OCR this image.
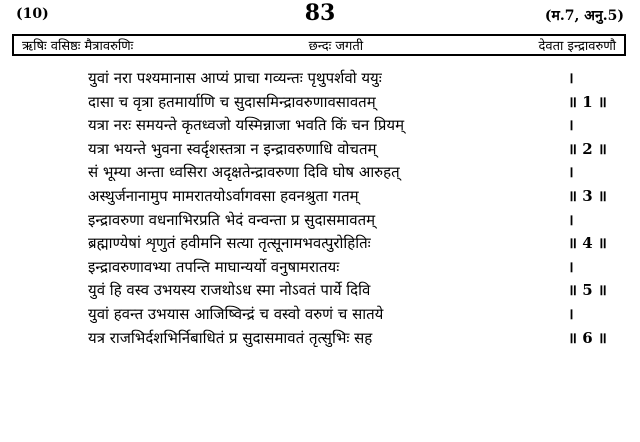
(10)	83	(म.7, अनु.5)
ऋषिः वसिष्ठः मैत्रावरुणिः	छन्दः जगती	देवता इन्द्रावरुणौ
युवां नरा पश्यमानास आप्यं प्राचा गव्यन्तः पृथुपर्शवो ययुः	।
दासा च वृत्रा हतमार्याणि च सुदासमिन्द्रावरुणावसावतम्	॥ 1 ॥
यत्रा नरः समयन्ते कृतध्वजो यस्मिन्नाजा भवति किं चन प्रियम्	।
यत्रा भयन्ते भुवना स्वर्दृशस्तत्रा न इन्द्रावरुणाधि वोचतम्	॥ 2 ॥
सं भूम्या अन्ता ध्वसिरा अदृक्षतेन्द्रावरुणा दिवि घोष आरुहत्	।
अस्थुर्जनानामुप मामरातयोऽर्वागवसा हवनश्रुता गतम्	॥ 3 ॥
इन्द्रावरुणा वधनाभिरप्रति भेदं वन्वन्ता प्र सुदासमावतम्	।
ब्रह्माण्येषां शृणुतं हवीमनि सत्या तृत्सूनामभवत्पुरोहितिः	॥ 4 ॥
इन्द्रावरुणावभ्या तपन्ति माघान्यर्यो वनुषामरातयः	।
युवं हि वस्व उभयस्य राजथोऽध स्मा नोऽवतं पार्ये दिवि	॥ 5 ॥
युवां हवन्त उभयास आजिष्विन्द्रं च वस्वो वरुणं च सातये	।
यत्र राजभिर्दशभिर्निबाधितं प्र सुदासमावतं तृत्सुभिः सह	॥ 6 ॥
